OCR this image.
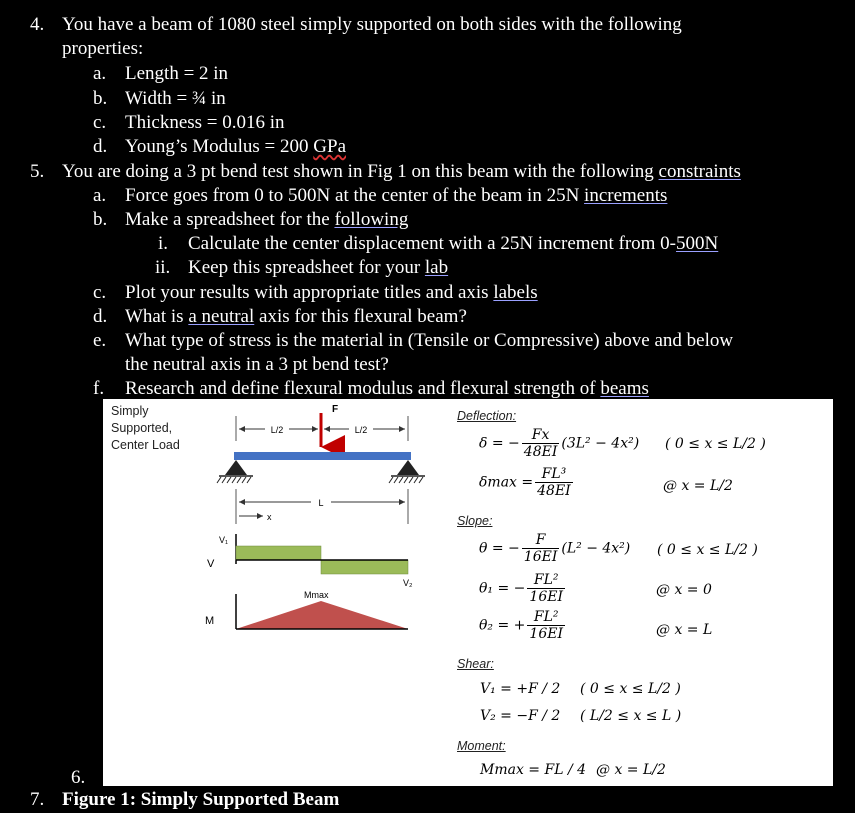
4. You have a beam of 1080 steel simply supported on both sides with the following
properties:
a. Length = 2 in
b. Width = ¾ in
c. Thickness = 0.016 in
d. Young’s Modulus = 200 GPa
5. You are doing a 3 pt bend test shown in Fig 1 on this beam with the following constraints
a. Force goes from 0 to 500N at the center of the beam in 25N increments
b. Make a spreadsheet for the following
i. Calculate the center displacement with a 25N increment from 0-500N
ii. Keep this spreadsheet for your lab
c. Plot your results with appropriate titles and axis labels
d. What is a neutral axis for this flexural beam?
e. What type of stress is the material in (Tensile or Compressive) above and below
the neutral axis in a 3 pt bend test?
f. Research and define flexural modulus and flexural strength of beams
6.
7. Figure 1: Simply Supported Beam
Simply
Supported,
Center Load
L/2	L/2
F
L
x
V₁
V
V₂
Mmax
M
Deflection:
δ = − $\frac{Fx}{48EI} (3L^2 - 4x^2)$ ( 0 ≤ x ≤ L/2 )
$\delta\max = \frac{\text{FL³}}{48EI}$	@ x = L/2
Slope:
θ = − $\frac{F}{16EI} (L^2 - 4x^2)$ ( 0 ≤ x ≤ L/2 )
θ₁ = − $\frac{\text{FL²}}{16EI}$	@ x = 0
θ₂ = + $\frac{\text{FL²}}{16EI}$	@ x = L
Shear:
V₁ = +F / 2 ( 0 ≤ x ≤ L/2 )
V₂ = −F / 2 ( L/2 ≤ x ≤ L )
Moment:
Mmax = FL / 4 @ x = L/2
